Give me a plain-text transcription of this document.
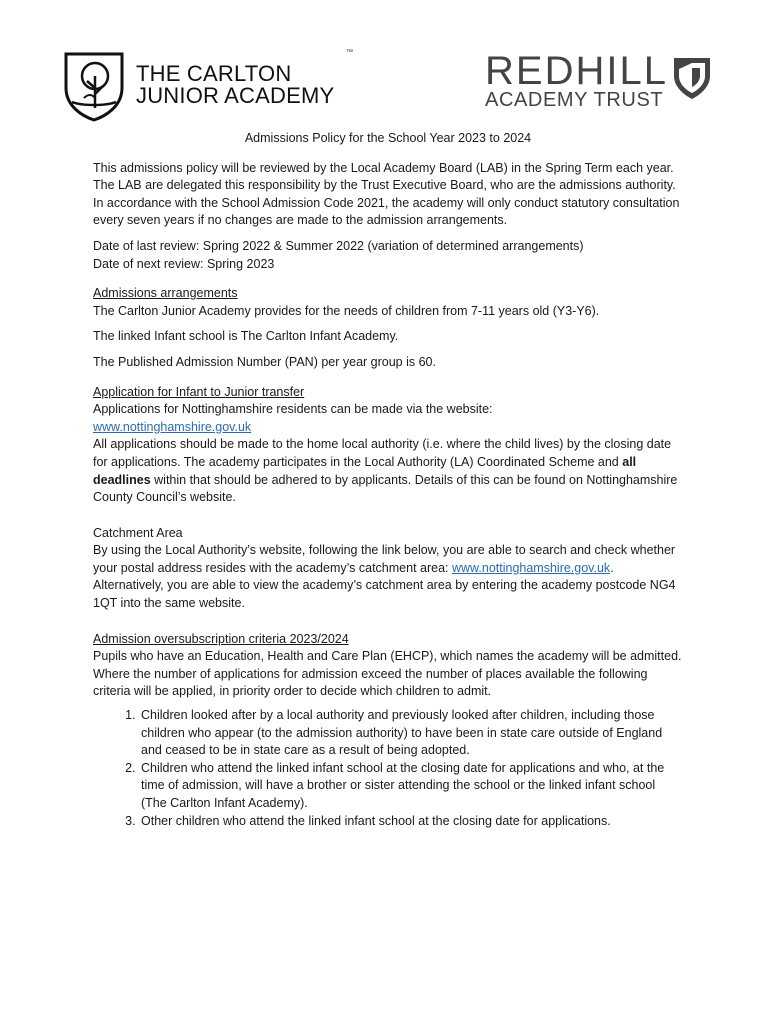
THE CARLTON
JUNIOR ACADEMY
™	REDHILL
ACADEMY TRUST
Admissions Policy for the School Year 2023 to 2024

This admissions policy will be reviewed by the Local Academy Board (LAB) in the Spring Term each year. The LAB are delegated this responsibility by the Trust Executive Board, who are the admissions authority. In accordance with the School Admission Code 2021, the academy will only conduct statutory consultation every seven years if no changes are made to the admission arrangements.

Date of last review: Spring 2022 & Summer 2022 (variation of determined arrangements)

Date of next review: Spring 2023

Admissions arrangements

The Carlton Junior Academy provides for the needs of children from 7-11 years old (Y3-Y6).

The linked Infant school is The Carlton Infant Academy.

The Published Admission Number (PAN) per year group is 60.

Application for Infant to Junior transfer

Applications for Nottinghamshire residents can be made via the website:

www.nottinghamshire.gov.uk

All applications should be made to the home local authority (i.e. where the child lives) by the closing date for applications. The academy participates in the Local Authority (LA) Coordinated Scheme and all deadlines within that should be adhered to by applicants. Details of this can be found on Nottinghamshire County Council’s website.

Catchment Area

By using the Local Authority’s website, following the link below, you are able to search and check whether your postal address resides with the academy’s catchment area: www.nottinghamshire.gov.uk. Alternatively, you are able to view the academy’s catchment area by entering the academy postcode NG4 1QT into the same website.

Admission oversubscription criteria 2023/2024

Pupils who have an Education, Health and Care Plan (EHCP), which names the academy will be admitted. Where the number of applications for admission exceed the number of places available the following criteria will be applied, in priority order to decide which children to admit.

1. Children looked after by a local authority and previously looked after children, including those children who appear (to the admission authority) to have been in state care outside of England and ceased to be in state care as a result of being adopted.
2. Children who attend the linked infant school at the closing date for applications and who, at the time of admission, will have a brother or sister attending the school or the linked infant school (The Carlton Infant Academy).
3. Other children who attend the linked infant school at the closing date for applications.
